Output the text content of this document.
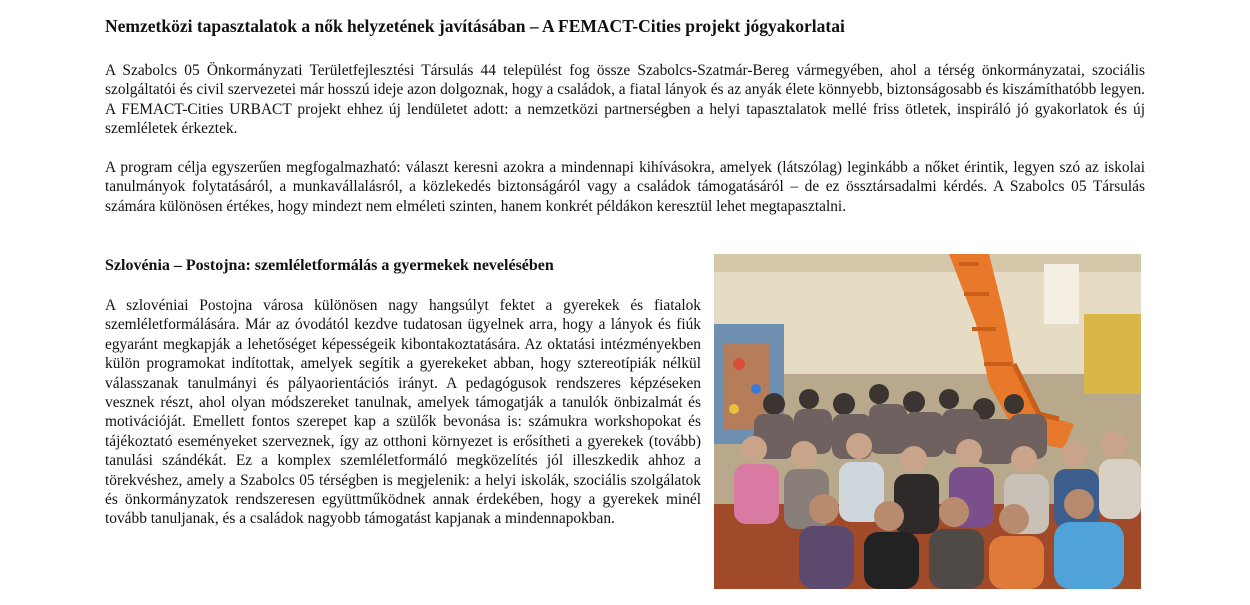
Nemzetközi tapasztalatok a nők helyzetének javításában – A FEMACT-Cities projekt jógyakorlatai

A Szabolcs 05 Önkormányzati Területfejlesztési Társulás 44 települést fog össze Szabolcs-Szatmár-Bereg vármegyében, ahol a térség önkormányzatai, szociális szolgáltatói és civil szervezetei már hosszú ideje azon dolgoznak, hogy a családok, a fiatal lányok és az anyák élete könnyebb, biztonságosabb és kiszámíthatóbb legyen. A FEMACT-Cities URBACT projekt ehhez új lendületet adott: a nemzetközi partnerségben a helyi tapasztalatok mellé friss ötletek, inspiráló jó gyakorlatok és új szemléletek érkeztek.

A program célja egyszerűen megfogalmazható: választ keresni azokra a mindennapi kihívásokra, amelyek (látszólag) leginkább a nőket érintik, legyen szó az iskolai tanulmányok folytatásáról, a munkavállalásról, a közlekedés biztonságáról vagy a családok támogatásáról – de ez össztársadalmi kérdés. A Szabolcs 05 Társulás számára különösen értékes, hogy mindezt nem elméleti szinten, hanem konkrét példákon keresztül lehet megtapasztalni.

Szlovénia – Postojna: szemléletformálás a gyermekek nevelésében

A szlovéniai Postojna városa különösen nagy hangsúlyt fektet a gyerekek és fiatalok szemléletformálására. Már az óvodától kezdve tudatosan ügyelnek arra, hogy a lányok és fiúk egyaránt megkapják a lehetőséget képességeik kibontakoztatására. Az oktatási intézményekben külön programokat indítottak, amelyek segítik a gyerekeket abban, hogy sztereotípiák nélkül válasszanak tanulmányi és pályaorientációs irányt. A pedagógusok rendszeres képzéseken vesznek részt, ahol olyan módszereket tanulnak, amelyek támogatják a tanulók önbizalmát és motivációját. Emellett fontos szerepet kap a szülők bevonása is: számukra workshopokat és tájékoztató eseményeket szerveznek, így az otthoni környezet is erősítheti a gyerekek (tovább) tanulási szándékát. Ez a komplex szemléletformáló megközelítés jól illeszkedik ahhoz a törekvéshez, amely a Szabolcs 05 térségben is megjelenik: a helyi iskolák, szociális szolgálatok és önkormányzatok rendszeresen együttműködnek annak érdekében, hogy a gyerekek minél tovább tanuljanak, és a családok nagyobb támogatást kapjanak a mindennapokban.
